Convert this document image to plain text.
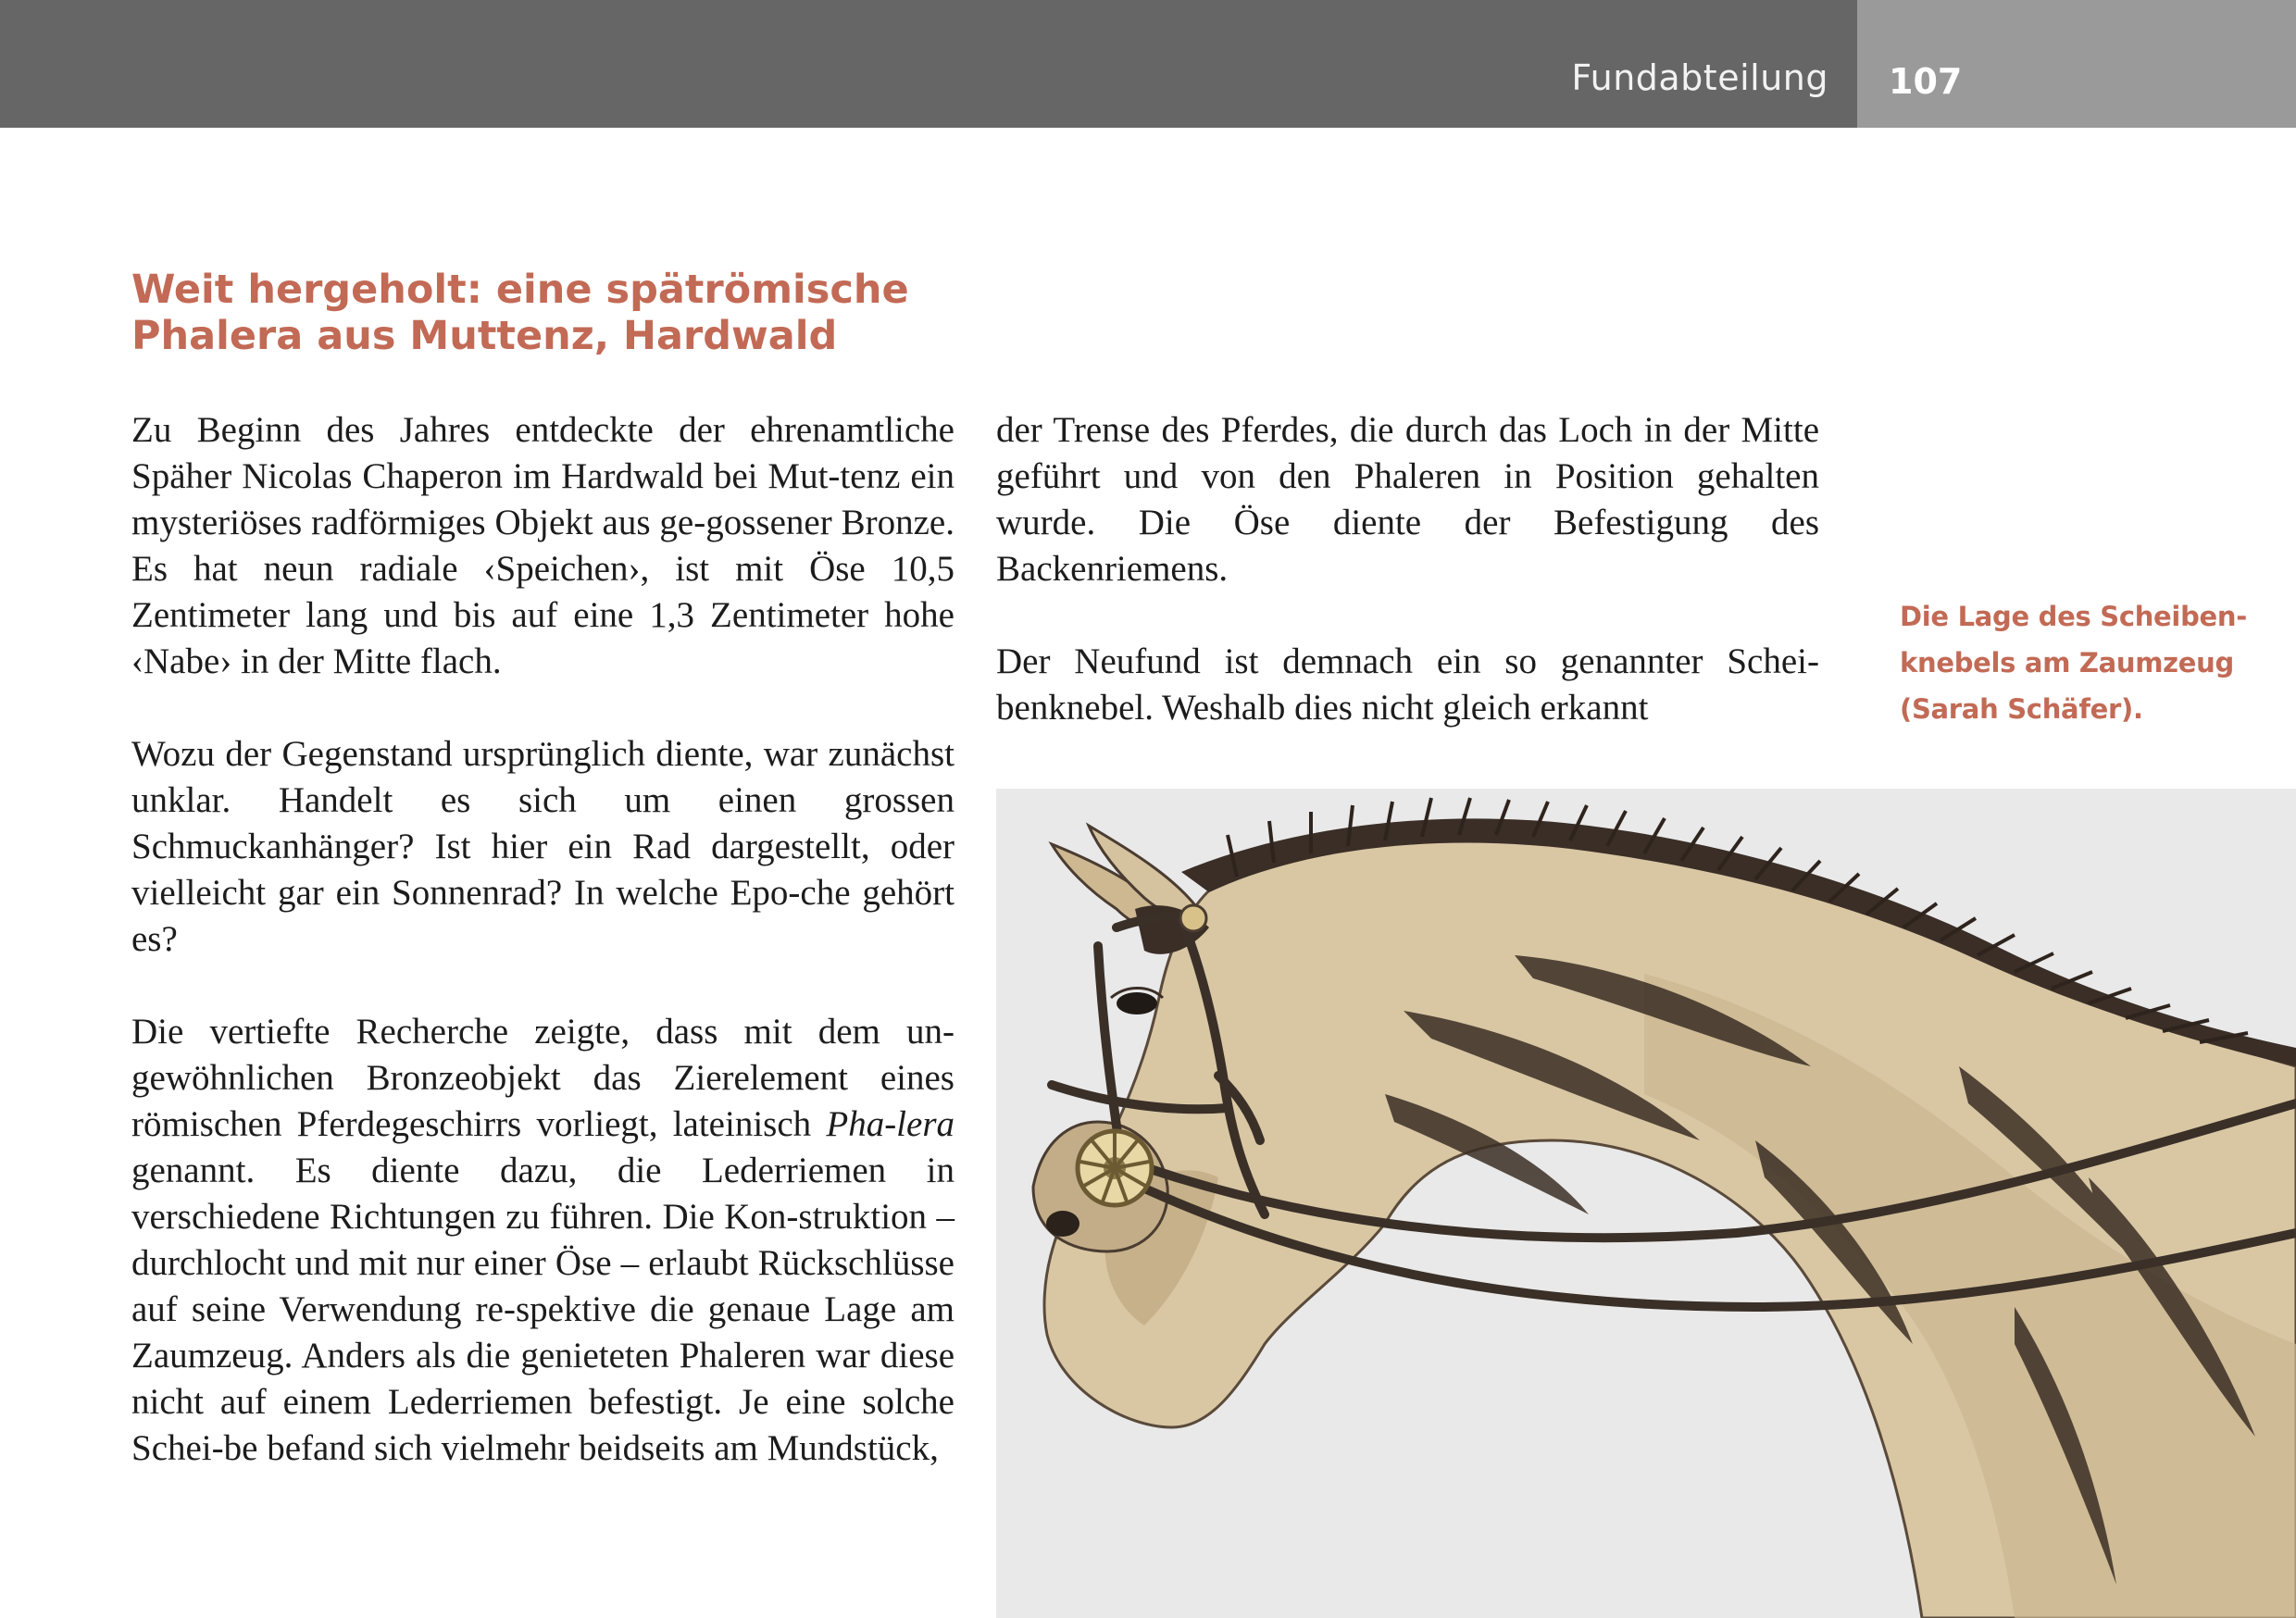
Fundabteilung 107
Weit hergeholt: eine spätrömische
Phalera aus Muttenz, Hardwald

Zu Beginn des Jahres entdeckte der ehrenamtliche Späher Nicolas Chaperon im Hardwald bei Mut-tenz ein mysteriöses radförmiges Objekt aus ge-gossener Bronze. Es hat neun radiale ‹Speichen›, ist mit Öse 10,5 Zentimeter lang und bis auf eine 1,3 Zentimeter hohe ‹Nabe› in der Mitte flach.

Wozu der Gegenstand ursprünglich diente, war zunächst unklar. Handelt es sich um einen grossen Schmuckanhänger? Ist hier ein Rad dargestellt, oder vielleicht gar ein Sonnenrad? In welche Epo-che gehört es?

Die vertiefte Recherche zeigte, dass mit dem un-gewöhnlichen Bronzeobjekt das Zierelement eines römischen Pferdegeschirrs vorliegt, lateinisch Pha-lera genannt. Es diente dazu, die Lederriemen in verschiedene Richtungen zu führen. Die Kon-struktion – durchlocht und mit nur einer Öse – erlaubt Rückschlüsse auf seine Verwendung re-spektive die genaue Lage am Zaumzeug. Anders als die genieteten Phaleren war diese nicht auf einem Lederriemen befestigt. Je eine solche Schei-be befand sich vielmehr beidseits am Mundstück,

der Trense des Pferdes, die durch das Loch in der Mitte geführt und von den Phaleren in Position gehalten wurde. Die Öse diente der Befestigung des Backenriemens.

Der Neufund ist demnach ein so genannter Schei-benknebel. Weshalb dies nicht gleich erkannt

Die Lage des Scheiben-
knebels am Zaumzeug
(Sarah Schäfer).
